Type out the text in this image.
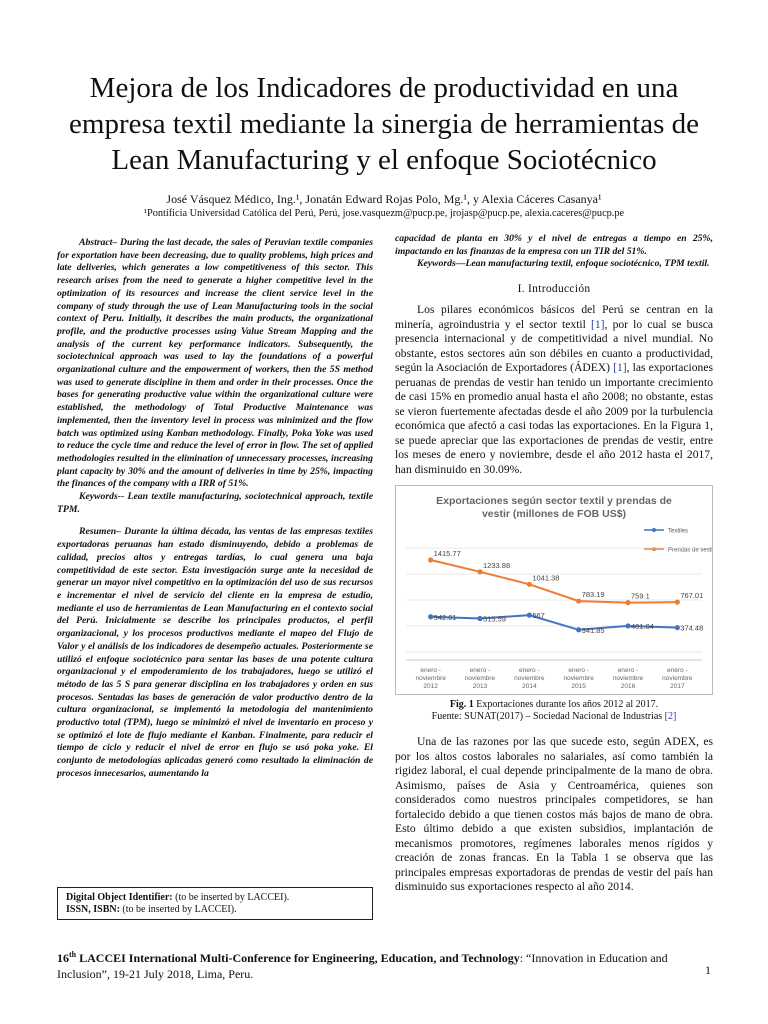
Mejora de los Indicadores de productividad en una
empresa textil mediante la sinergia de herramientas de
Lean Manufacturing y el enfoque Sociotécnico
José Vásquez Médico, Ing.¹, Jonatán Edward Rojas Polo, Mg.¹, y Alexia Cáceres Casanya¹
¹Pontificia Universidad Católica del Perú, Perú, jose.vasquezm@pucp.pe, jrojasp@pucp.pe, alexia.caceres@pucp.pe

Abstract– During the last decade, the sales of Peruvian textile companies for exportation have been decreasing, due to quality problems, high prices and late deliveries, which generates a low competitiveness of this sector. This research arises from the need to generate a higher competitive level in the optimization of its resources and increase the client service level in the company of study through the use of Lean Manufacturing tools in the social context of Peru. Initially, it describes the main products, the organizational profile, and the productive processes using Value Stream Mapping and the analysis of the current key performance indicators. Subsequently, the sociotechnical approach was used to lay the foundations of a powerful organizational culture and the empowerment of workers, then the 5S method was used to generate discipline in them and order in their processes. Once the bases for generating productive value within the organizational culture were established, the methodology of Total Productive Maintenance was implemented, then the inventory level in process was minimized and the flow batch was optimized using Kanban methodology. Finally, Poka Yoke was used to reduce the cycle time and reduce the level of error in flow. The set of applied methodologies resulted in the elimination of unnecessary processes, increasing plant capacity by 30% and the amount of deliveries in time by 25%, impacting the finances of the company with a IRR of 51%.

Keywords-- Lean textile manufacturing, sociotechnical approach, textile TPM.

Resumen– Durante la última década, las ventas de las empresas textiles exportadoras peruanas han estado disminuyendo, debido a problemas de calidad, precios altos y entregas tardías, lo cual genera una baja competitividad de este sector. Esta investigación surge ante la necesidad de generar un mayor nivel competitivo en la optimización del uso de sus recursos e incrementar el nivel de servicio del cliente en la empresa de estudio, mediante el uso de herramientas de Lean Manufacturing en el contexto social del Perú. Inicialmente se describe los principales productos, el perfil organizacional, y los procesos productivos mediante el mapeo del Flujo de Valor y el análisis de los indicadores de desempeño actuales. Posteriormente se utilizó el enfoque sociotécnico para sentar las bases de una potente cultura organizacional y el empoderamiento de los trabajadores, luego se utilizó el método de las 5 S para generar disciplina en los trabajadores y orden en sus procesos. Sentadas las bases de generación de valor productivo dentro de la cultura organizacional, se implementó la metodología del mantenimiento productivo total (TPM), luego se minimizó el nivel de inventario en proceso y se optimizó el lote de flujo mediante el Kanban. Finalmente, para reducir el tiempo de ciclo y reducir el nivel de error en flujo se usó poka yoke. El conjunto de metodologías aplicadas generó como resultado la eliminación de procesos innecesarios, aumentando la

Digital Object Identifier: (to be inserted by LACCEI).
ISSN, ISBN: (to be inserted by LACCEI).

capacidad de planta en 30% y el nivel de entregas a tiempo en 25%, impactando en las finanzas de la empresa con un TIR del 51%.

Keywords—Lean manufacturing textil, enfoque sociotécnico, TPM textil.

I. Introducción

Los pilares económicos básicos del Perú se centran en la minería, agroindustria y el sector textil [1], por lo cual se busca presencia internacional y de competitividad a nivel mundial. No obstante, estos sectores aún son débiles en cuanto a productividad, según la Asociación de Exportadores (ÁDEX) [1], las exportaciones peruanas de prendas de vestir han tenido un importante crecimiento de casi 15% en promedio anual hasta el año 2008; no obstante, estas se vieron fuertemente afectadas desde el año 2009 por la turbulencia económica que afectó a casi todas las exportaciones. En la Figura 1, se puede apreciar que las exportaciones de prendas de vestir, entre los meses de enero y noviembre, desde el año 2012 hasta el 2017, han disminuido en 30.09%.

Exportaciones según sector textil y prendas de
vestir (millones de FOB US$)
Textiles
Prendas de vestir
542.01	515.59	567
341.85	401.04	374.48
1415.77
1233.88
1041.38
783.19	759.1	767.01
enero -
noviembre
2012
enero -
noviembre
2013
enero -
noviembre
2014
enero -
noviembre
2015
enero -
noviembre
2016
enero -
noviembre
2017
Fig. 1 Exportaciones durante los años 2012 al 2017.
Fuente: SUNAT(2017) – Sociedad Nacional de Industrias [2]

Una de las razones por las que sucede esto, según ADEX, es por los altos costos laborales no salariales, así como también la rigidez laboral, el cual depende principalmente de la mano de obra. Asimismo, países de Asia y Centroamérica, quienes son considerados como nuestros principales competidores, se han fortalecido debido a que tienen costos más bajos de mano de obra. Esto último debido a que existen subsidios, implantación de mecanismos promotores, regímenes laborales menos rígidos y creación de zonas francas. En la Tabla 1 se observa que las principales empresas exportadoras de prendas de vestir del país han disminuido sus exportaciones respecto al año 2014.

16th LACCEI International Multi-Conference for Engineering, Education, and Technology: “Innovation in Education and Inclusion”, 19-21 July 2018, Lima, Peru.	1
